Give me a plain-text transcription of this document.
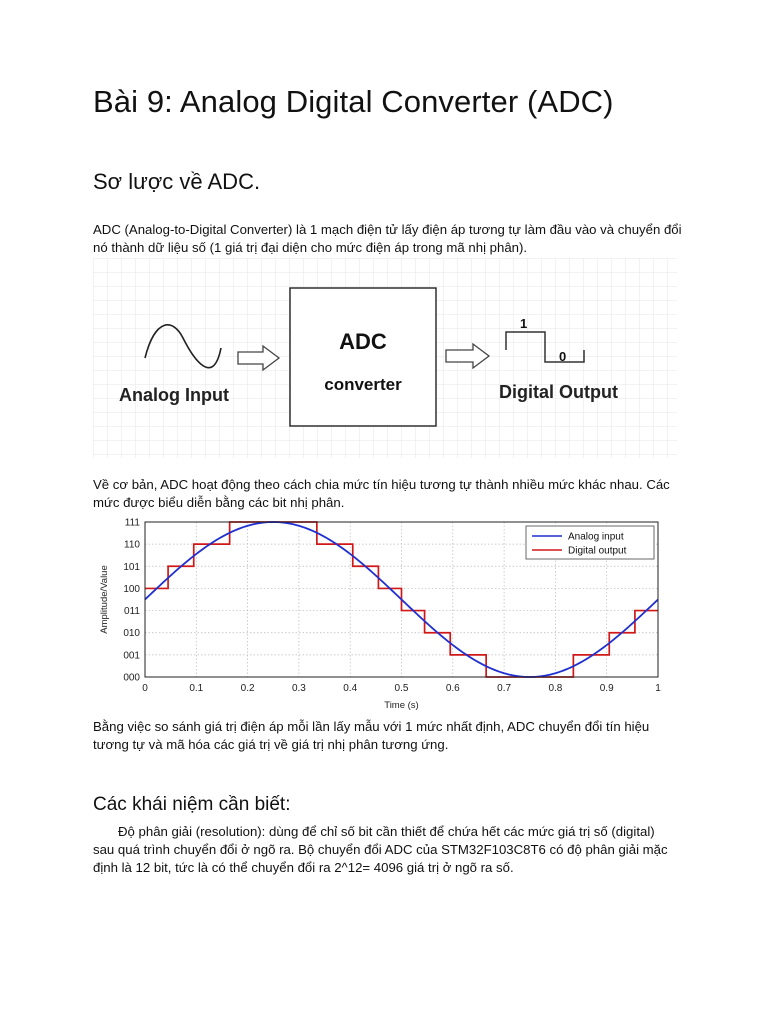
Bài 9: Analog Digital Converter (ADC)
Sơ lược về ADC.

ADC (Analog-to-Digital Converter) là 1 mạch điện tử lấy điện áp tương tự làm đầu vào và chuyển đổi nó thành dữ liệu số (1 giá trị đại diện cho mức điện áp trong mã nhị phân).

ADC
converter
1
0
Analog Input	Digital Output

Về cơ bản, ADC hoạt động theo cách chia mức tín hiệu tương tự thành nhiều mức khác nhau. Các mức được biểu diễn bằng các bit nhị phân.

0	0.1	0.2	0.3	0.4	0.5	0.6	0.7	0.8	0.9	1
000
001
010
011
100
101
110
111
Time (s)
Amplitude/Value
Analog input
Digital output

Bằng việc so sánh giá trị điện áp mỗi lần lấy mẫu với 1 mức nhất định, ADC chuyển đổi tín hiệu tương tự và mã hóa các giá trị về giá trị nhị phân tương ứng.

Các khái niệm cần biết:

Độ phân giải (resolution): dùng để chỉ số bit cần thiết để chứa hết các mức giá trị số (digital) sau quá trình chuyển đổi ở ngõ ra. Bộ chuyển đổi ADC của STM32F103C8T6 có độ phân giải mặc định là 12 bit, tức là có thể chuyển đổi ra 2^12= 4096 giá trị ở ngõ ra số.
